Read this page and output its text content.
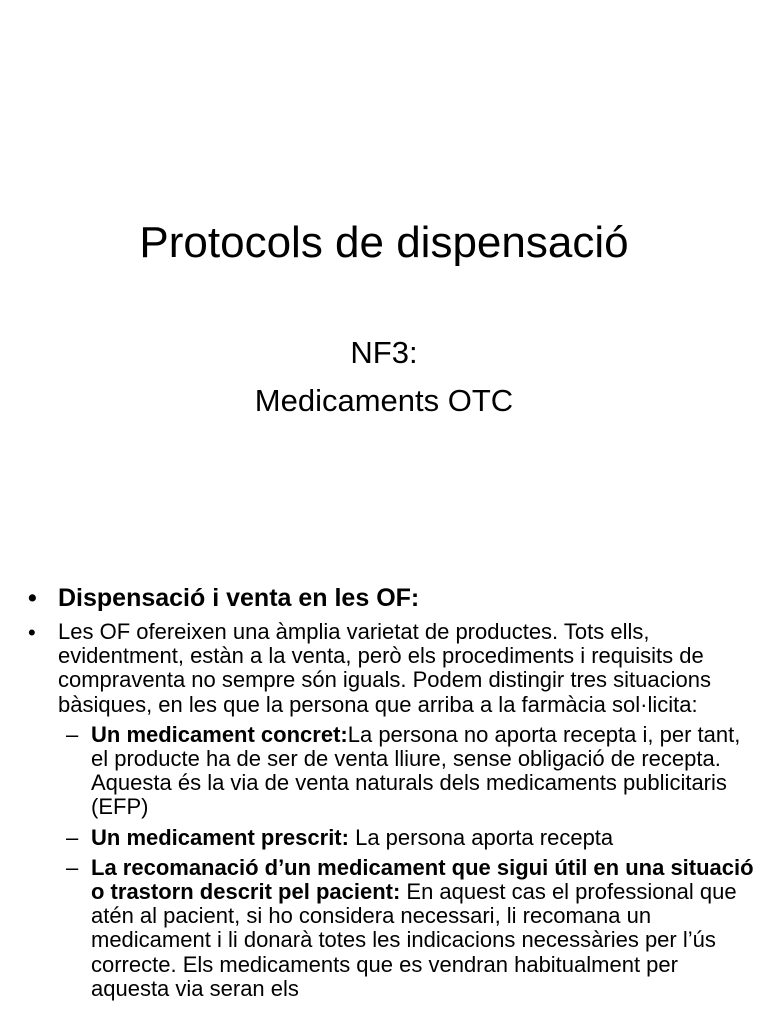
Protocols de dispensació
NF3:
Medicaments OTC
• Dispensació i venta en les OF:
• Les OF ofereixen una àmplia varietat de productes. Tots ells, evidentment, estàn a la venta, però els procediments i requisits de compraventa no sempre són iguals. Podem distingir tres situacions bàsiques, en les que la persona que arriba a la farmàcia sol·licita:
– Un medicament concret:La persona no aporta recepta i, per tant, el producte ha de ser de venta lliure, sense obligació de recepta. Aquesta és la via de venta naturals dels medicaments publicitaris (EFP)
– Un medicament prescrit: La persona aporta recepta
– La recomanació d’un medicament que sigui útil en una situació o trastorn descrit pel pacient: En aquest cas el professional que atén al pacient, si ho considera necessari, li recomana un medicament i li donarà totes les indicacions necessàries per l’ús correcte. Els medicaments que es vendran habitualment per aquesta via seran els
